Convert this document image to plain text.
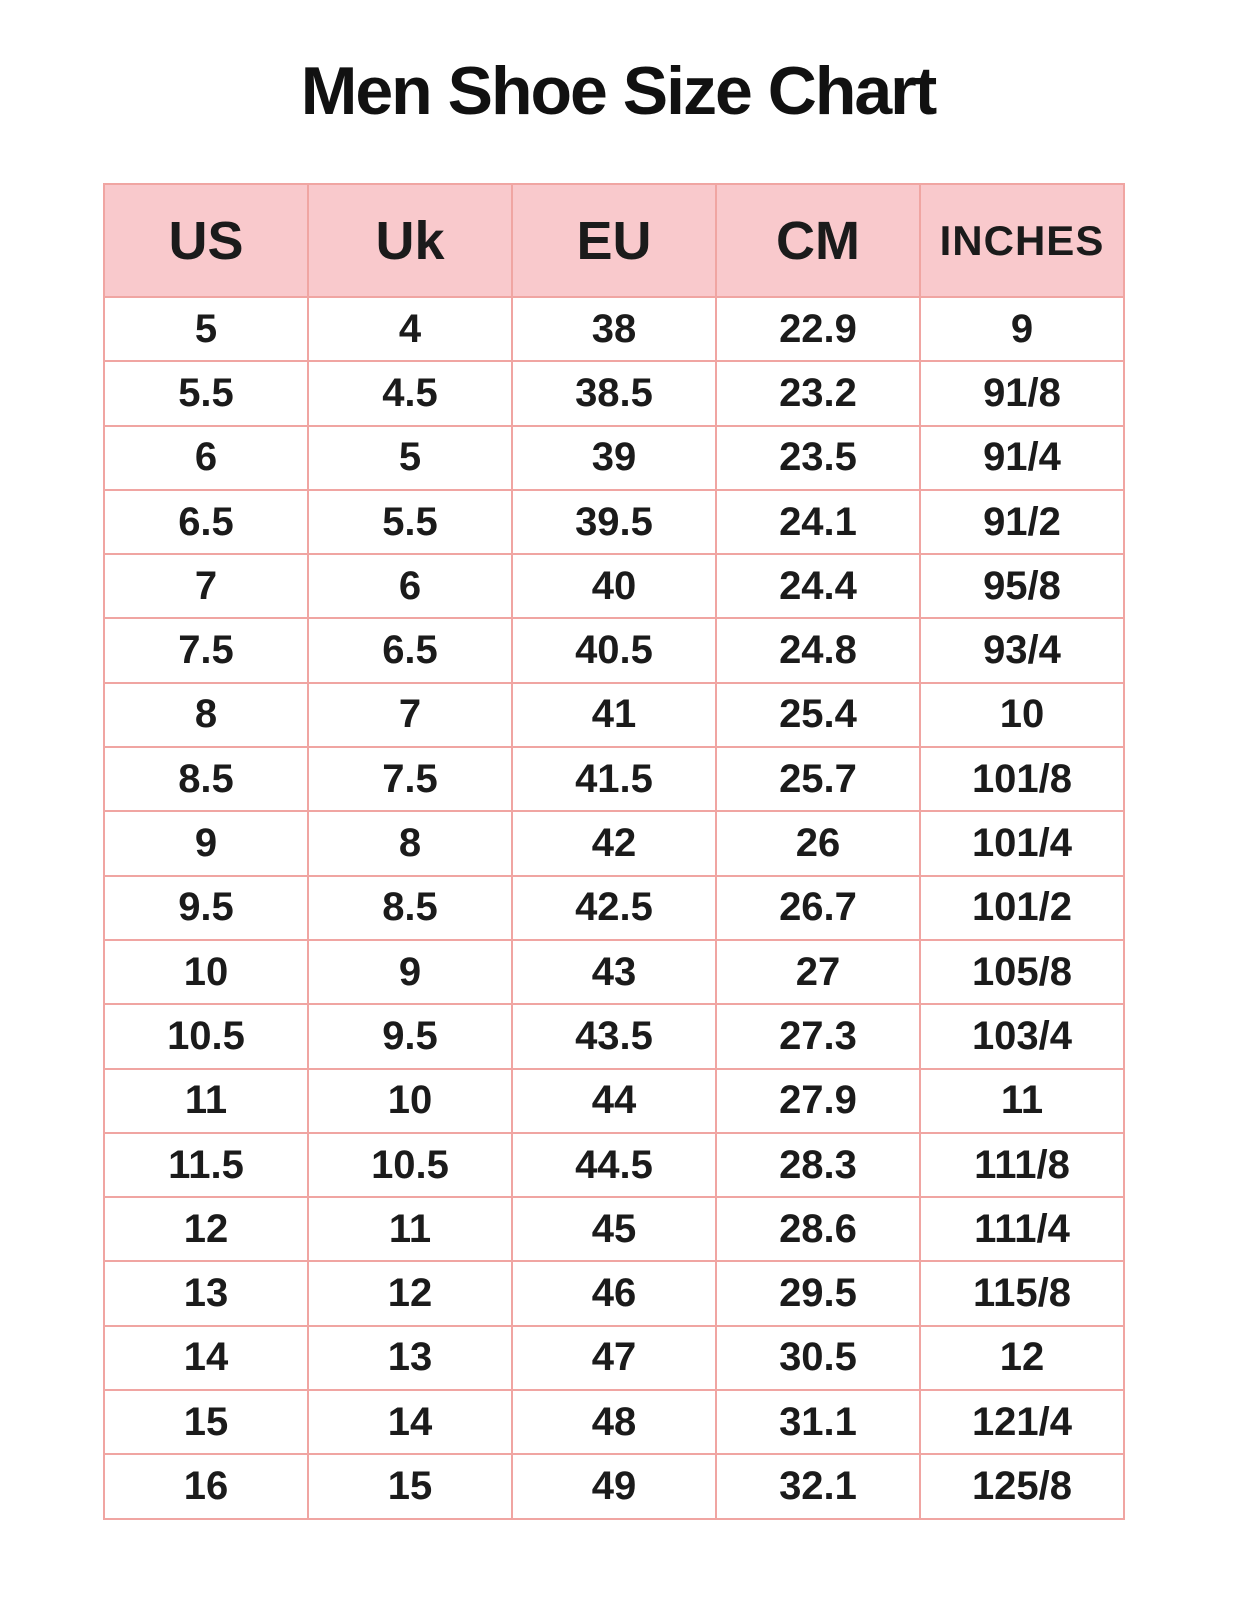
Men Shoe Size Chart
US	Uk	EU	CM	INCHES
5	4	38	22.9	9
5.5	4.5	38.5	23.2	91/8
6	5	39	23.5	91/4
6.5	5.5	39.5	24.1	91/2
7	6	40	24.4	95/8
7.5	6.5	40.5	24.8	93/4
8	7	41	25.4	10
8.5	7.5	41.5	25.7	101/8
9	8	42	26	101/4
9.5	8.5	42.5	26.7	101/2
10	9	43	27	105/8
10.5	9.5	43.5	27.3	103/4
11	10	44	27.9	11
11.5	10.5	44.5	28.3	111/8
12	11	45	28.6	111/4
13	12	46	29.5	115/8
14	13	47	30.5	12
15	14	48	31.1	121/4
16	15	49	32.1	125/8
